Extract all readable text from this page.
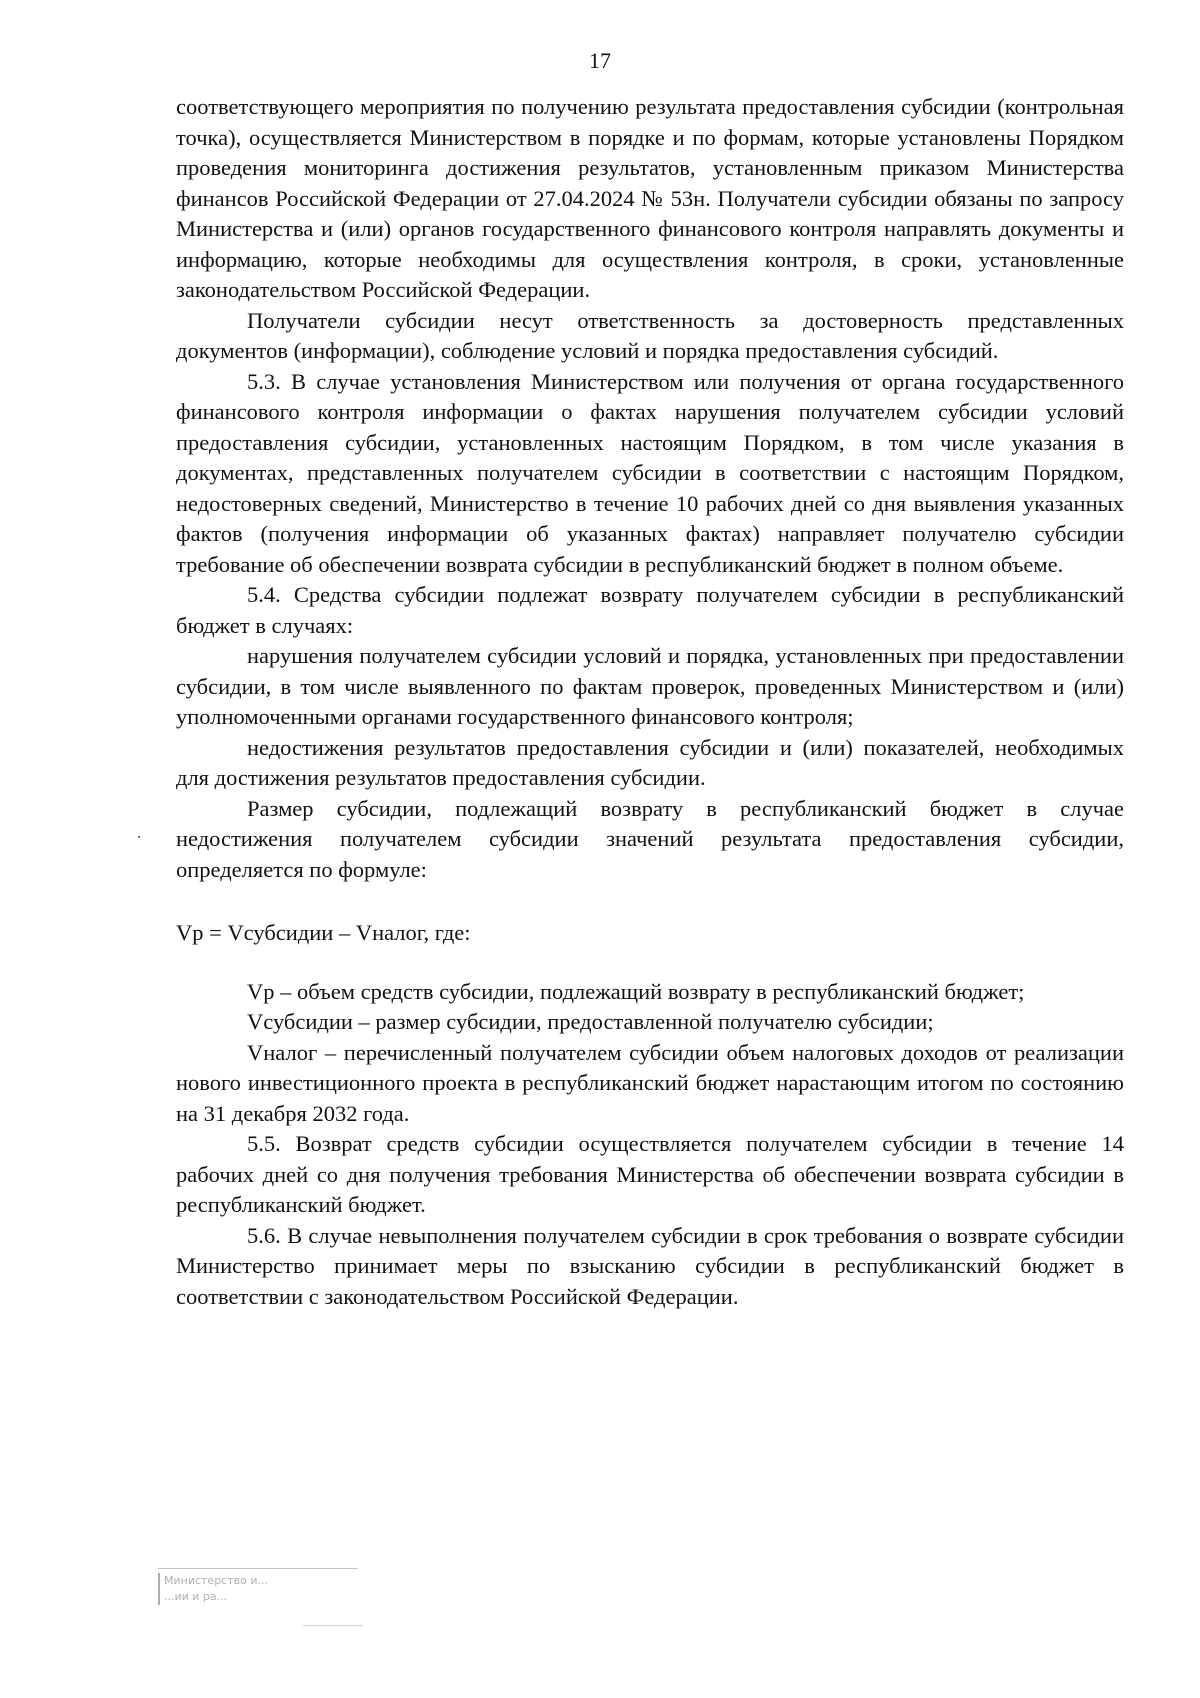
17

соответствующего мероприятия по получению результата предоставления субсидии (контрольная точка), осуществляется Министерством в порядке и по формам, которые установлены Порядком проведения мониторинга достижения результатов, установленным приказом Министерства финансов Российской Федерации от 27.04.2024 № 53н. Получатели субсидии обязаны по запросу Министерства и (или) органов государственного финансового контроля направлять документы и информацию, которые необходимы для осуществления контроля, в сроки, установленные законодательством Российской Федерации.

Получатели субсидии несут ответственность за достоверность представленных документов (информации), соблюдение условий и порядка предоставления субсидий.

5.3. В случае установления Министерством или получения от органа государственного финансового контроля информации о фактах нарушения получателем субсидии условий предоставления субсидии, установленных настоящим Порядком, в том числе указания в документах, представленных получателем субсидии в соответствии с настоящим Порядком, недостоверных сведений, Министерство в течение 10 рабочих дней со дня выявления указанных фактов (получения информации об указанных фактах) направляет получателю субсидии требование об обеспечении возврата субсидии в республиканский бюджет в полном объеме.

5.4. Средства субсидии подлежат возврату получателем субсидии в республиканский бюджет в случаях:

нарушения получателем субсидии условий и порядка, установленных при предоставлении субсидии, в том числе выявленного по фактам проверок, проведенных Министерством и (или) уполномоченными органами государственного финансового контроля;

недостижения результатов предоставления субсидии и (или) показателей, необходимых для достижения результатов предоставления субсидии.

Размер субсидии, подлежащий возврату в республиканский бюджет в случае недостижения получателем субсидии значений результата предоставления субсидии, определяется по формуле:

Vр = Vсубсидии – Vналог, где:

Vр – объем средств субсидии, подлежащий возврату в республиканский бюджет;

Vсубсидии – размер субсидии, предоставленной получателю субсидии;

Vналог – перечисленный получателем субсидии объем налоговых доходов от реализации нового инвестиционного проекта в республиканский бюджет нарастающим итогом по состоянию на 31 декабря 2032 года.

5.5. Возврат средств субсидии осуществляется получателем субсидии в течение 14 рабочих дней со дня получения требования Министерства об обеспечении возврата субсидии в республиканский бюджет.

5.6. В случае невыполнения получателем субсидии в срок требования о возврате субсидии Министерство принимает меры по взысканию субсидии в республиканский бюджет в соответствии с законодательством Российской Федерации.

Министерство и...
...ии и ра...
